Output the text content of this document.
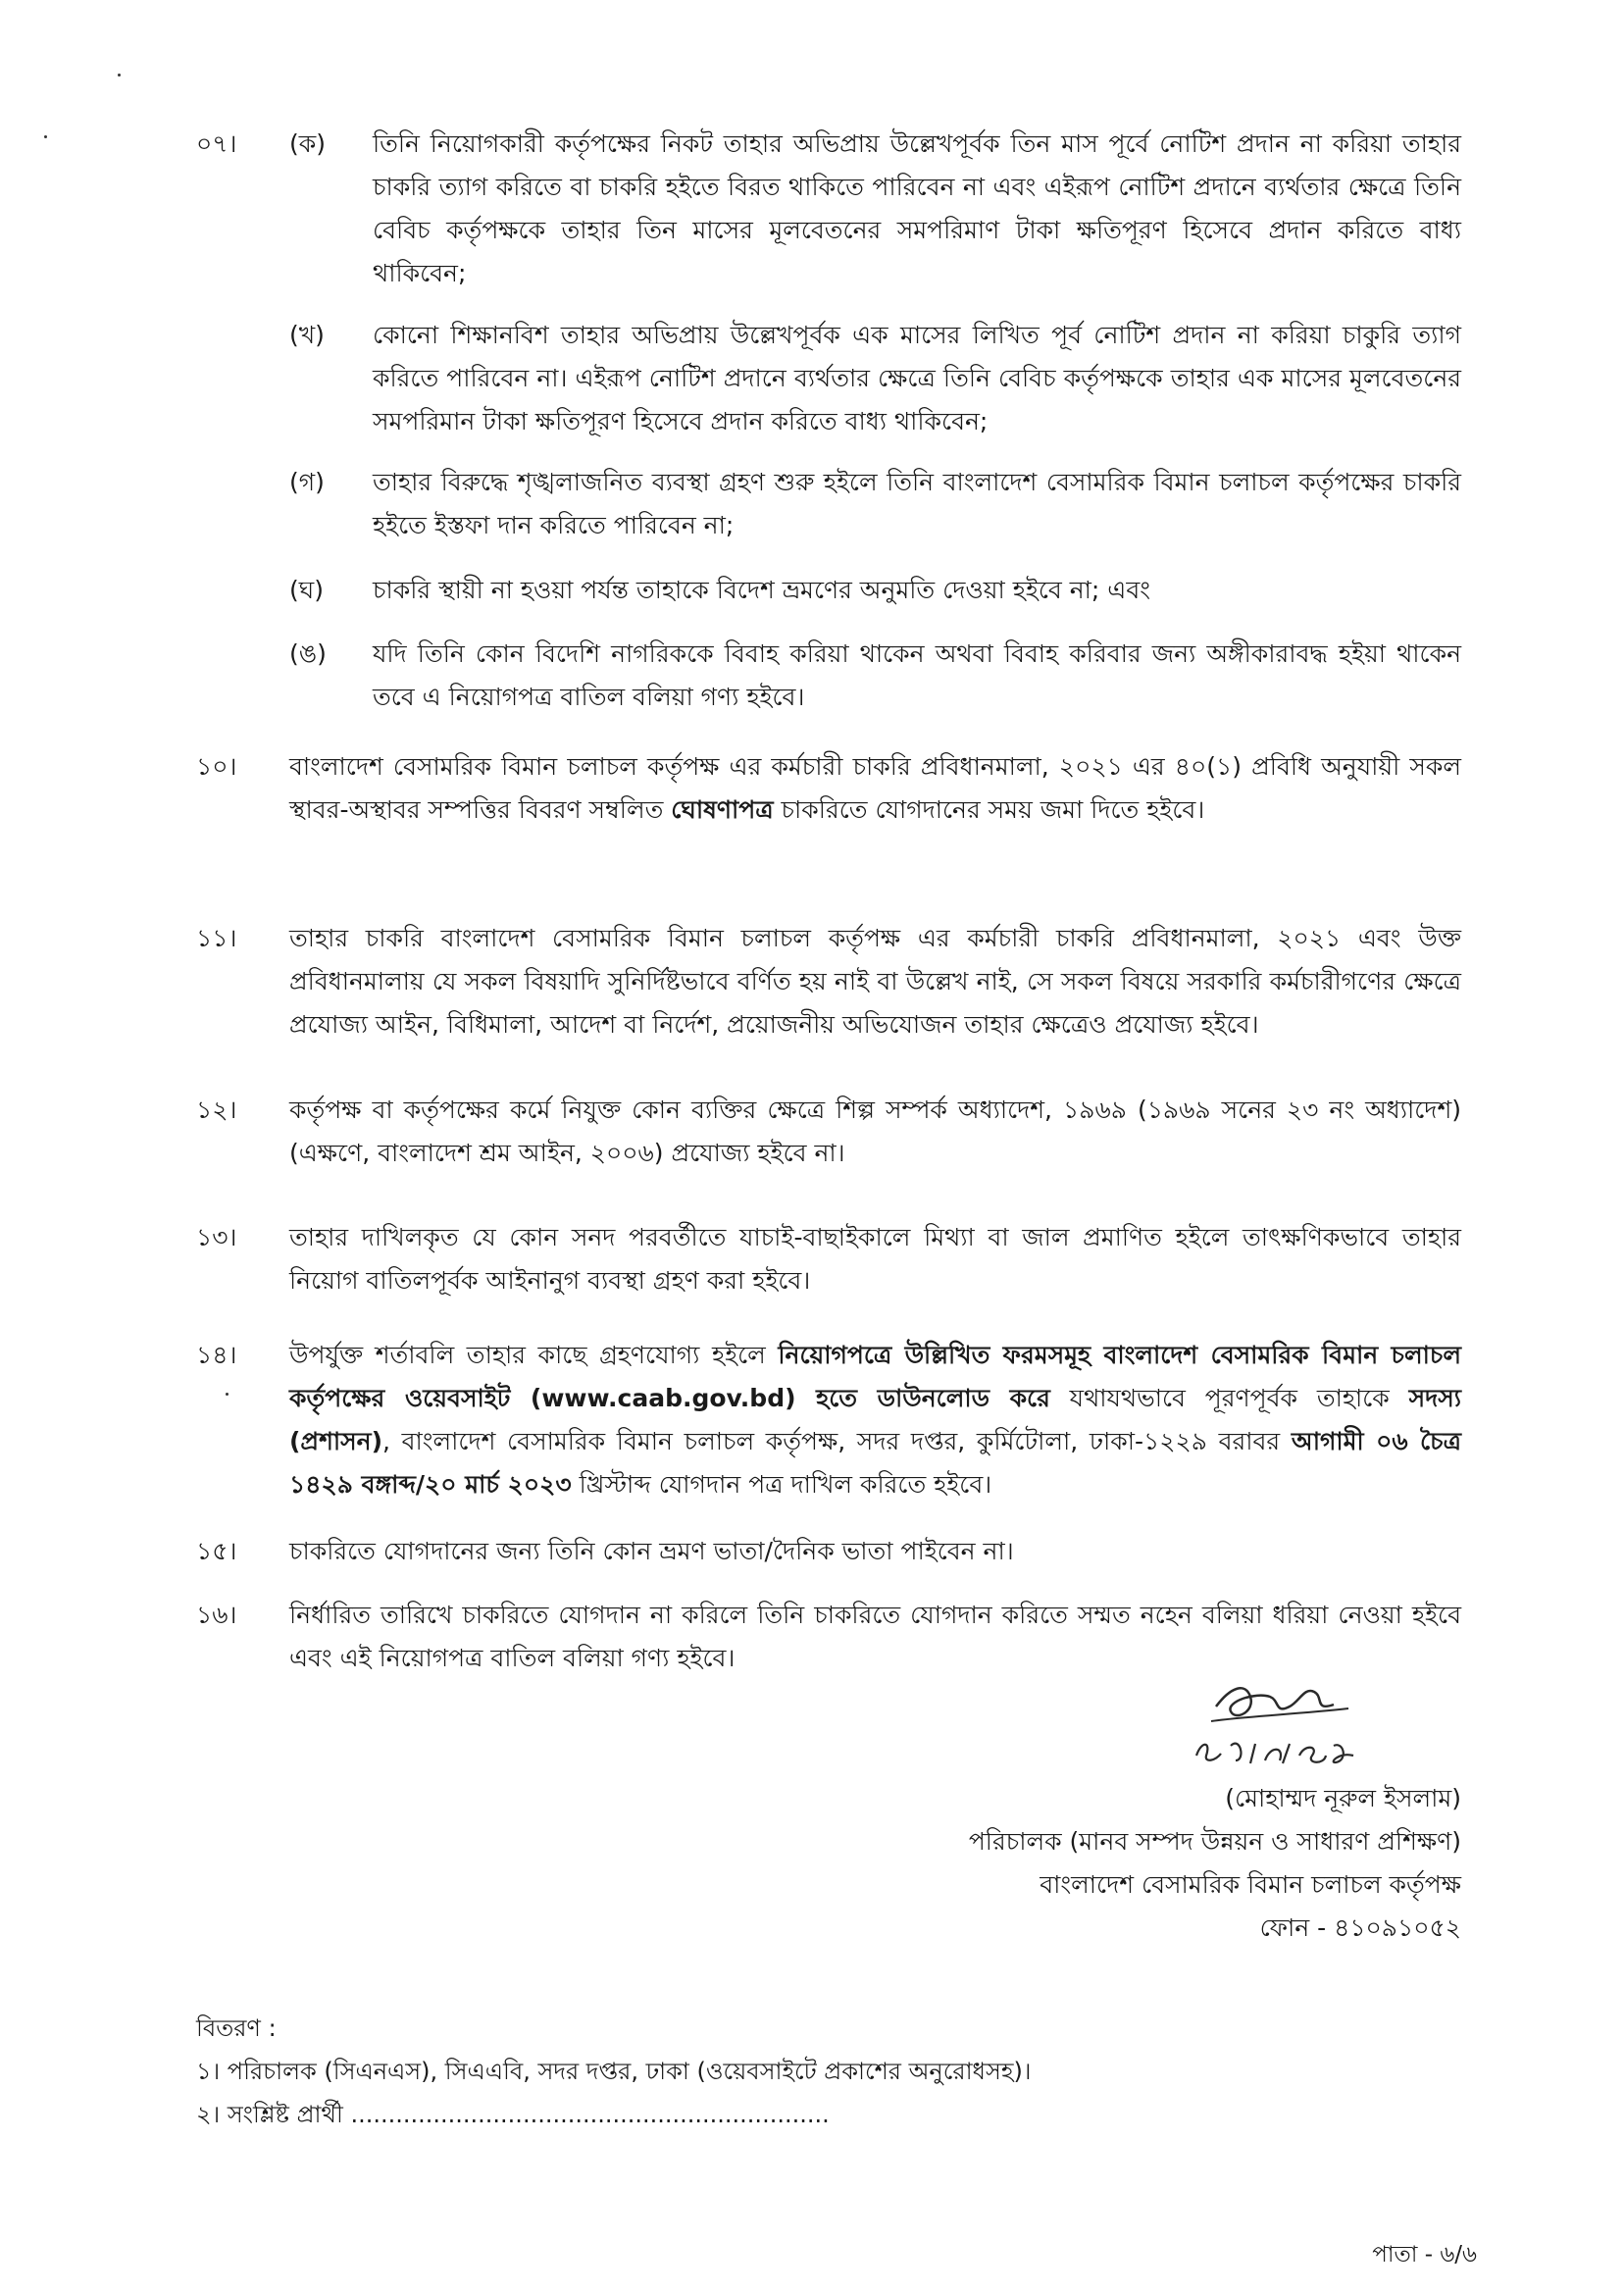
০৭।	(ক)	তিনি নিয়োগকারী কর্তৃপক্ষের নিকট তাহার অভিপ্রায় উল্লেখপূর্বক তিন মাস পূর্বে নোটিশ প্রদান না করিয়া তাহার চাকরি ত্যাগ করিতে বা চাকরি হইতে বিরত থাকিতে পারিবেন না এবং এইরূপ নোটিশ প্রদানে ব্যর্থতার ক্ষেত্রে তিনি বেবিচ কর্তৃপক্ষকে তাহার তিন মাসের মূলবেতনের সমপরিমাণ টাকা ক্ষতিপূরণ হিসেবে প্রদান করিতে বাধ্য থাকিবেন;
(খ)	কোনো শিক্ষানবিশ তাহার অভিপ্রায় উল্লেখপূর্বক এক মাসের লিখিত পূর্ব নোটিশ প্রদান না করিয়া চাকুরি ত্যাগ করিতে পারিবেন না। এইরূপ নোটিশ প্রদানে ব্যর্থতার ক্ষেত্রে তিনি বেবিচ কর্তৃপক্ষকে তাহার এক মাসের মূলবেতনের সমপরিমান টাকা ক্ষতিপূরণ হিসেবে প্রদান করিতে বাধ্য থাকিবেন;
(গ)	তাহার বিরুদ্ধে শৃঙ্খলাজনিত ব্যবস্থা গ্রহণ শুরু হইলে তিনি বাংলাদেশ বেসামরিক বিমান চলাচল কর্তৃপক্ষের চাকরি হইতে ইস্তফা দান করিতে পারিবেন না;
(ঘ)	চাকরি স্থায়ী না হওয়া পর্যন্ত তাহাকে বিদেশ ভ্রমণের অনুমতি দেওয়া হইবে না; এবং
(ঙ)	যদি তিনি কোন বিদেশি নাগরিককে বিবাহ করিয়া থাকেন অথবা বিবাহ করিবার জন্য অঙ্গীকারাবদ্ধ হইয়া থাকেন তবে এ নিয়োগপত্র বাতিল বলিয়া গণ্য হইবে।
১০।	বাংলাদেশ বেসামরিক বিমান চলাচল কর্তৃপক্ষ এর কর্মচারী চাকরি প্রবিধানমালা, ২০২১ এর ৪০(১) প্রবিধি অনুযায়ী সকল স্থাবর-অস্থাবর সম্পত্তির বিবরণ সম্বলিত ঘোষণাপত্র চাকরিতে যোগদানের সময় জমা দিতে হইবে।
১১।	তাহার চাকরি বাংলাদেশ বেসামরিক বিমান চলাচল কর্তৃপক্ষ এর কর্মচারী চাকরি প্রবিধানমালা, ২০২১ এবং উক্ত প্রবিধানমালায় যে সকল বিষয়াদি সুনির্দিষ্টভাবে বর্ণিত হয় নাই বা উল্লেখ নাই, সে সকল বিষয়ে সরকারি কর্মচারীগণের ক্ষেত্রে প্রযোজ্য আইন, বিধিমালা, আদেশ বা নির্দেশ, প্রয়োজনীয় অভিযোজন তাহার ক্ষেত্রেও প্রযোজ্য হইবে।
১২।	কর্তৃপক্ষ বা কর্তৃপক্ষের কর্মে নিযুক্ত কোন ব্যক্তির ক্ষেত্রে শিল্প সম্পর্ক অধ্যাদেশ, ১৯৬৯ (১৯৬৯ সনের ২৩ নং অধ্যাদেশ) (এক্ষণে, বাংলাদেশ শ্রম আইন, ২০০৬) প্রযোজ্য হইবে না।
১৩।	তাহার দাখিলকৃত যে কোন সনদ পরবর্তীতে যাচাই-বাছাইকালে মিথ্যা বা জাল প্রমাণিত হইলে তাৎক্ষণিকভাবে তাহার নিয়োগ বাতিলপূর্বক আইনানুগ ব্যবস্থা গ্রহণ করা হইবে।
১৪।	উপর্যুক্ত শর্তাবলি তাহার কাছে গ্রহণযোগ্য হইলে নিয়োগপত্রে উল্লিখিত ফরমসমূহ বাংলাদেশ বেসামরিক বিমান চলাচল কর্তৃপক্ষের ওয়েবসাইট (www.caab.gov.bd) হতে ডাউনলোড করে যথাযথভাবে পূরণপূর্বক তাহাকে সদস্য (প্রশাসন), বাংলাদেশ বেসামরিক বিমান চলাচল কর্তৃপক্ষ, সদর দপ্তর, কুর্মিটোলা, ঢাকা-১২২৯ বরাবর আগামী ০৬ চৈত্র ১৪২৯ বঙ্গাব্দ/২০ মার্চ ২০২৩ খ্রিস্টাব্দ যোগদান পত্র দাখিল করিতে হইবে।
১৫।	চাকরিতে যোগদানের জন্য তিনি কোন ভ্রমণ ভাতা/দৈনিক ভাতা পাইবেন না।
১৬।	নির্ধারিত তারিখে চাকরিতে যোগদান না করিলে তিনি চাকরিতে যোগদান করিতে সম্মত নহেন বলিয়া ধরিয়া নেওয়া হইবে এবং এই নিয়োগপত্র বাতিল বলিয়া গণ্য হইবে।
(মোহাম্মদ নূরুল ইসলাম)
পরিচালক (মানব সম্পদ উন্নয়ন ও সাধারণ প্রশিক্ষণ)
বাংলাদেশ বেসামরিক বিমান চলাচল কর্তৃপক্ষ
ফোন - ৪১০৯১০৫২
বিতরণ :
১। পরিচালক (সিএনএস), সিএএবি, সদর দপ্তর, ঢাকা (ওয়েবসাইটে প্রকাশের অনুরোধসহ)।
২। সংশ্লিষ্ট প্রার্থী ................................................................
পাতা - ৬/৬
